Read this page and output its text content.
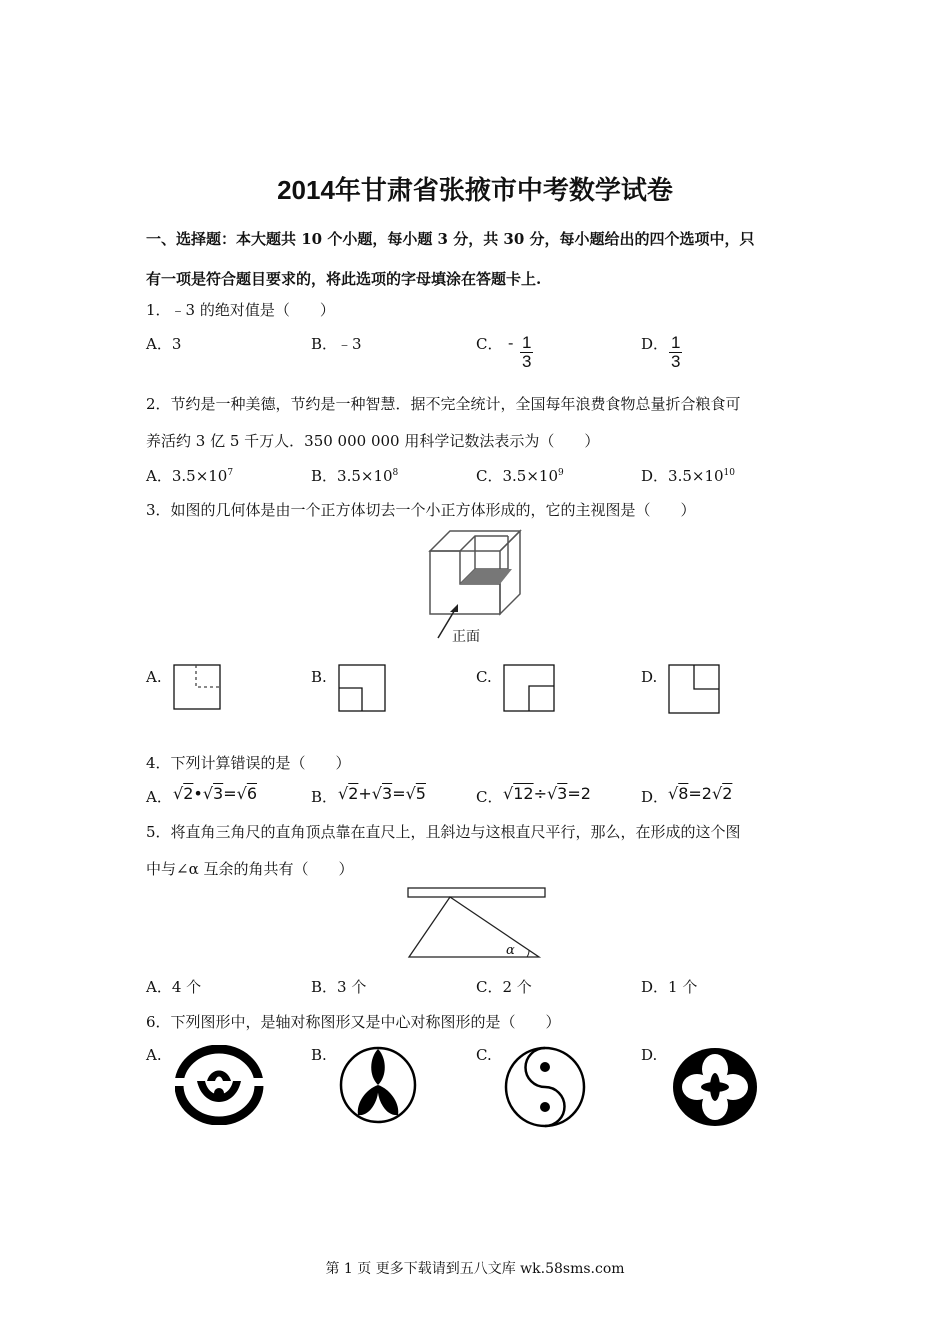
2014年甘肃省张掖市中考数学试卷
一、选择题：本大题共 10 个小题，每小题 3 分，共 30 分，每小题给出的四个选项中，只
有一项是符合题目要求的，将此选项的字母填涂在答题卡上.
1．﹣3 的绝对值是（　　）
A．3	B．﹣3	C． - $\frac{1}{3}$	D． $\frac{1}{3}$
2．节约是一种美德，节约是一种智慧．据不完全统计，全国每年浪费食物总量折合粮食可
养活约 3 亿 5 千万人．350 000 000 用科学记数法表示为（　　）
A．$3.5\times 10^7$	B．$3.5\times 10^8$	C．$3.5\times 10^9$	D．$3.5\times 10^{10}$
3．如图的几何体是由一个正方体切去一个小正方体形成的，它的主视图是（　　）
正面
A.	B.	C.	D.
4．下列计算错误的是（　　）
A． √2•√3=√6	B． √2+√3=√5	C． √12÷√3=2	D． √8=2√2
5．将直角三角尺的直角顶点靠在直尺上，且斜边与这根直尺平行，那么，在形成的这个图
中与∠α 互余的角共有（　　）
α
A．4 个	B．3 个	C．2 个	D．1 个
6．下列图形中，是轴对称图形又是中心对称图形的是（　　）
A.	B.	C.	D.
第 1 页 更多下载请到五八文库 wk.58sms.com
